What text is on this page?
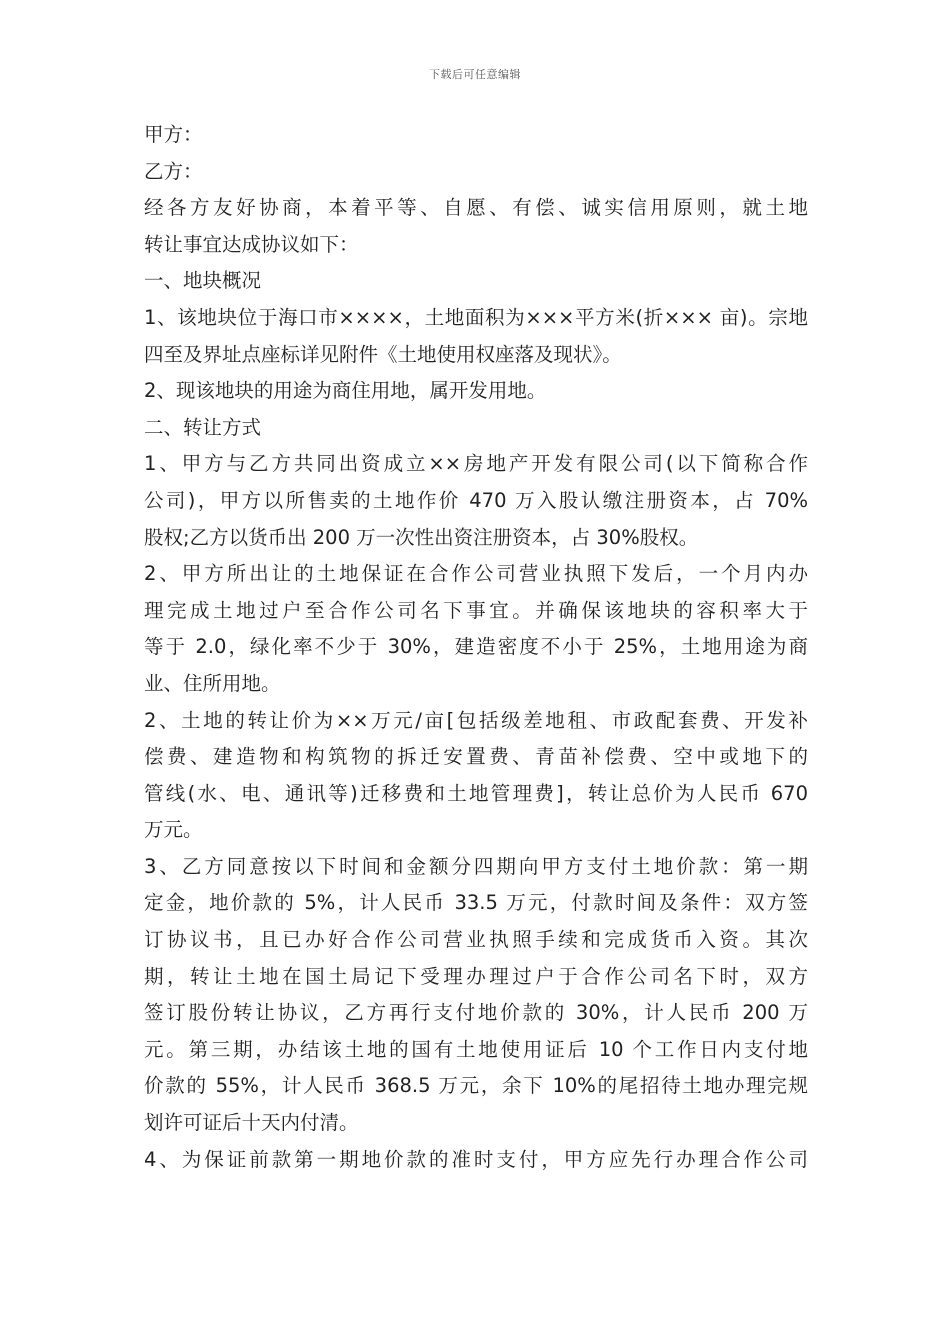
下载后可任意编辑
甲方：
乙方：
经各方友好协商，本着平等、自愿、有偿、诚实信用原则，就土地
转让事宜达成协议如下：
一、地块概况
1、该地块位于海口市××××，土地面积为×××平方米(折××× 亩)。宗地
四至及界址点座标详见附件《土地使用权座落及现状》。
2、现该地块的用途为商住用地，属开发用地。
二、转让方式
1、甲方与乙方共同出资成立××房地产开发有限公司(以下简称合作
公司)，甲方以所售卖的土地作价 470 万入股认缴注册资本，占 70%
股权;乙方以货币出 200 万一次性出资注册资本，占 30%股权。
2、甲方所出让的土地保证在合作公司营业执照下发后，一个月内办
理完成土地过户至合作公司名下事宜。并确保该地块的容积率大于
等于 2.0，绿化率不少于 30%，建造密度不小于 25%，土地用途为商
业、住所用地。
2、土地的转让价为××万元/亩[包括级差地租、市政配套费、开发补
偿费、建造物和构筑物的拆迁安置费、青苗补偿费、空中或地下的
管线(水、电、通讯等)迁移费和土地管理费]，转让总价为人民币 670
万元。
3、乙方同意按以下时间和金额分四期向甲方支付土地价款：第一期
定金，地价款的 5%，计人民币 33.5 万元，付款时间及条件：双方签
订协议书，且已办好合作公司营业执照手续和完成货币入资。其次
期，转让土地在国土局记下受理办理过户于合作公司名下时，双方
签订股份转让协议，乙方再行支付地价款的 30%，计人民币 200 万
元。第三期，办结该土地的国有土地使用证后 10 个工作日内支付地
价款的 55%，计人民币 368.5 万元，余下 10%的尾招待土地办理完规
划许可证后十天内付清。
4、为保证前款第一期地价款的准时支付，甲方应先行办理合作公司
